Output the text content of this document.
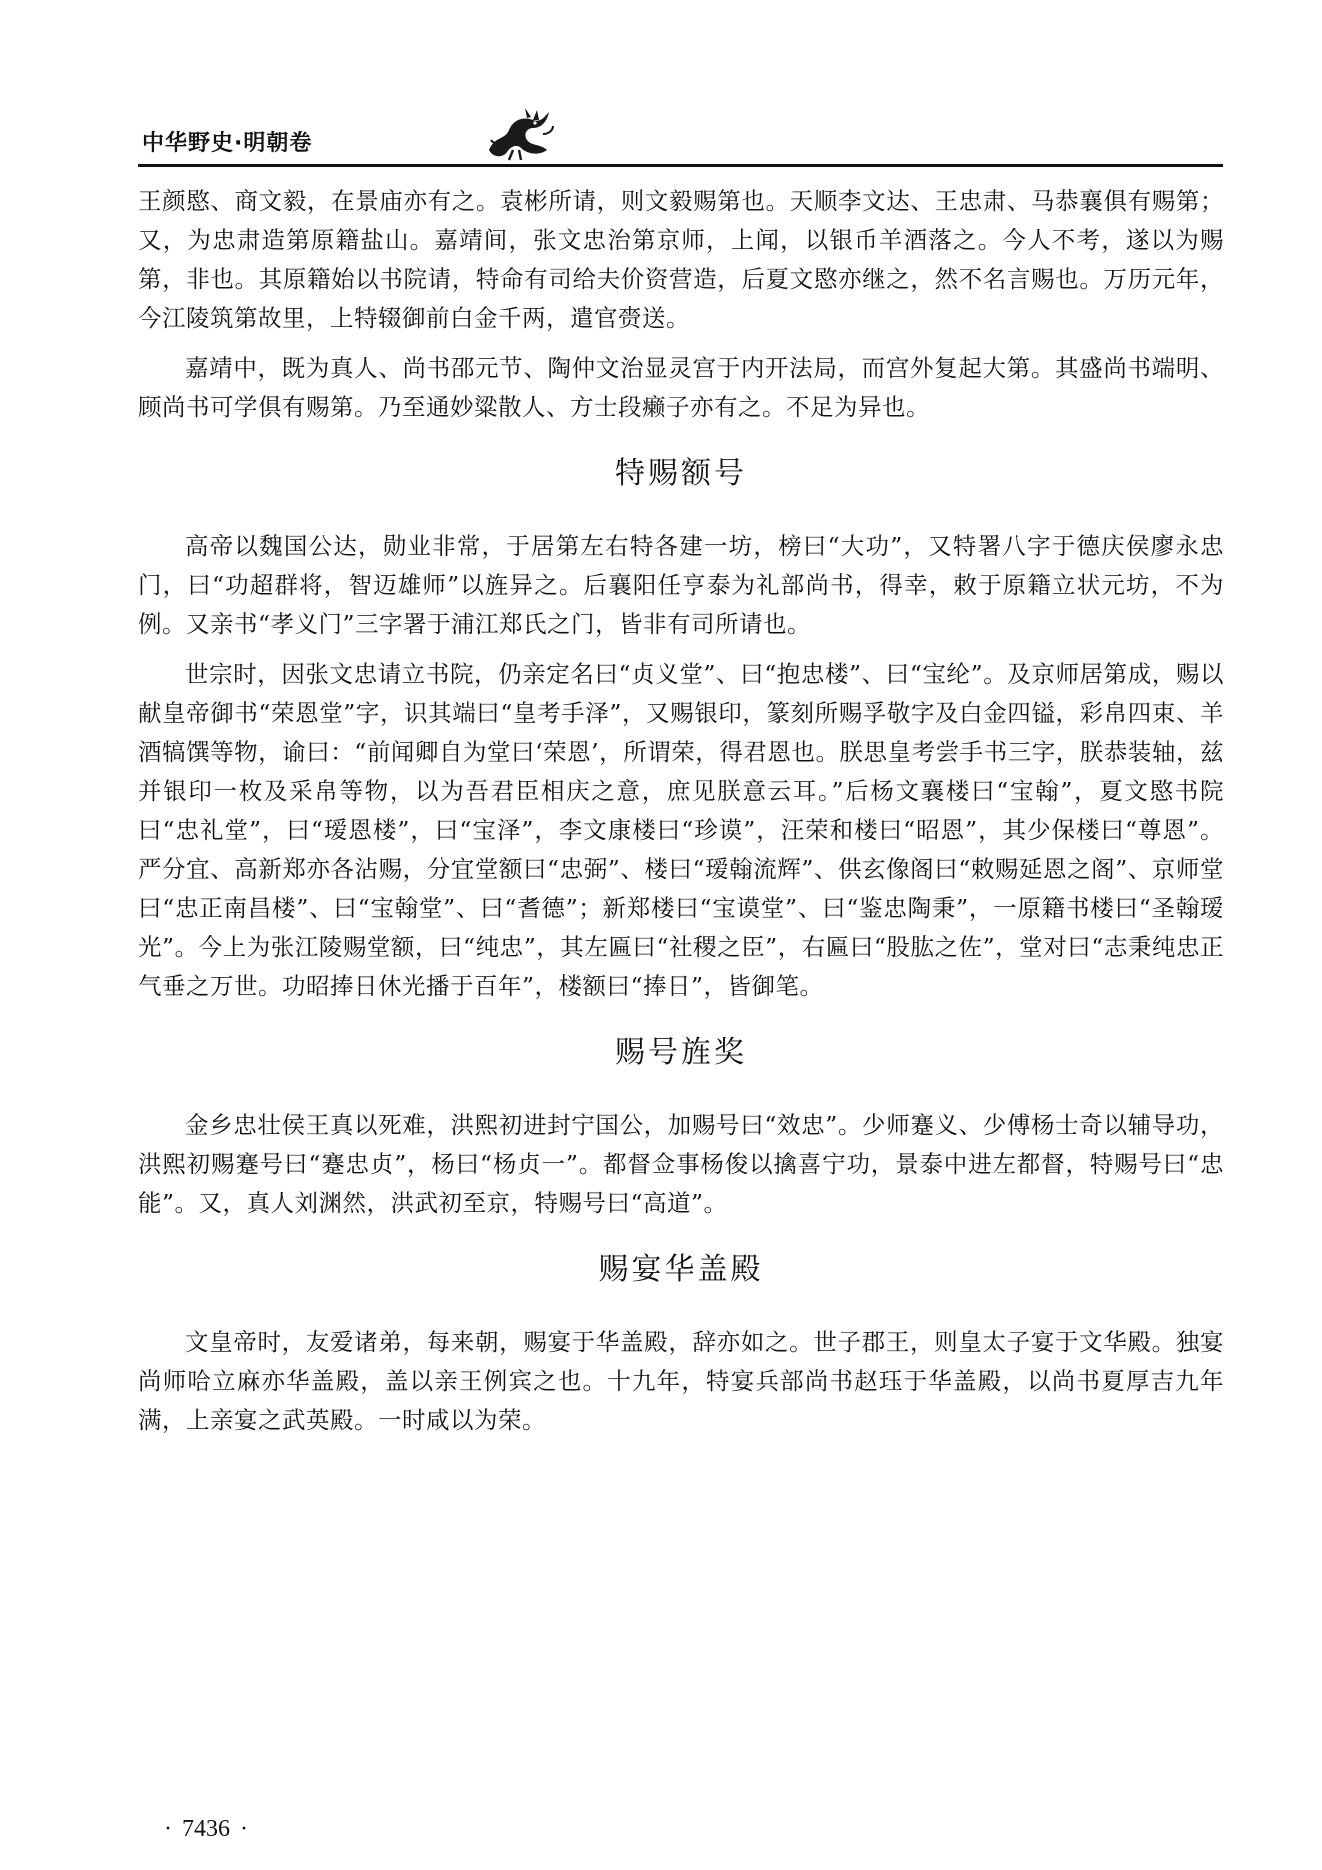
中华野史·明朝卷

王颜愍、商文毅，在景庙亦有之。袁彬所请，则文毅赐第也。天顺李文达、王忠肃、马恭襄俱有赐第；又，为忠肃造第原籍盐山。嘉靖间，张文忠治第京师，上闻，以银币羊酒落之。今人不考，遂以为赐第，非也。其原籍始以书院请，特命有司给夫价资营造，后夏文愍亦继之，然不名言赐也。万历元年，今江陵筑第故里，上特辍御前白金千两，遣官赍送。

嘉靖中，既为真人、尚书邵元节、陶仲文治显灵宫于内开法局，而宫外复起大第。其盛尚书端明、顾尚书可学俱有赐第。乃至通妙粱散人、方士段癞子亦有之。不足为异也。

特赐额号

高帝以魏国公达，勋业非常，于居第左右特各建一坊，榜曰“大功”，又特署八字于德庆侯廖永忠门，曰“功超群将，智迈雄师”以旌异之。后襄阳任亨泰为礼部尚书，得幸，敕于原籍立状元坊，不为例。又亲书“孝义门”三字署于浦江郑氏之门，皆非有司所请也。

世宗时，因张文忠请立书院，仍亲定名曰“贞义堂”、曰“抱忠楼”、曰“宝纶”。及京师居第成，赐以献皇帝御书“荣恩堂”字，识其端曰“皇考手泽”，又赐银印，篆刻所赐孚敬字及白金四镒，彩帛四束、羊酒犒馔等物，谕曰：“前闻卿自为堂曰‘荣恩’，所谓荣，得君恩也。朕思皇考尝手书三字，朕恭装轴，兹并银印一枚及采帛等物，以为吾君臣相庆之意，庶见朕意云耳。”后杨文襄楼曰“宝翰”，夏文愍书院曰“忠礼堂”，曰“瑷恩楼”，曰“宝泽”，李文康楼曰“珍谟”，汪荣和楼曰“昭恩”，其少保楼曰“尊恩”。严分宜、高新郑亦各沾赐，分宜堂额曰“忠弼”、楼曰“瑷翰流辉”、供玄像阁曰“敕赐延恩之阁”、京师堂曰“忠正南昌楼”、曰“宝翰堂”、曰“耆德”；新郑楼曰“宝谟堂”、曰“鉴忠陶秉”，一原籍书楼曰“圣翰瑷光”。今上为张江陵赐堂额，曰“纯忠”，其左匾曰“社稷之臣”，右匾曰“股肱之佐”，堂对曰“志秉纯忠正气垂之万世。功昭捧日休光播于百年”，楼额曰“捧日”，皆御笔。

赐号旌奖

金乡忠壮侯王真以死难，洪熙初进封宁国公，加赐号曰“效忠”。少师蹇义、少傅杨士奇以辅导功，洪熙初赐蹇号曰“蹇忠贞”，杨曰“杨贞一”。都督佥事杨俊以擒喜宁功，景泰中进左都督，特赐号曰“忠能”。又，真人刘渊然，洪武初至京，特赐号曰“高道”。

赐宴华盖殿

文皇帝时，友爱诸弟，每来朝，赐宴于华盖殿，辞亦如之。世子郡王，则皇太子宴于文华殿。独宴尚师哈立麻亦华盖殿，盖以亲王例宾之也。十九年，特宴兵部尚书赵珏于华盖殿，以尚书夏厚吉九年满，上亲宴之武英殿。一时咸以为荣。

· 7436 ·
